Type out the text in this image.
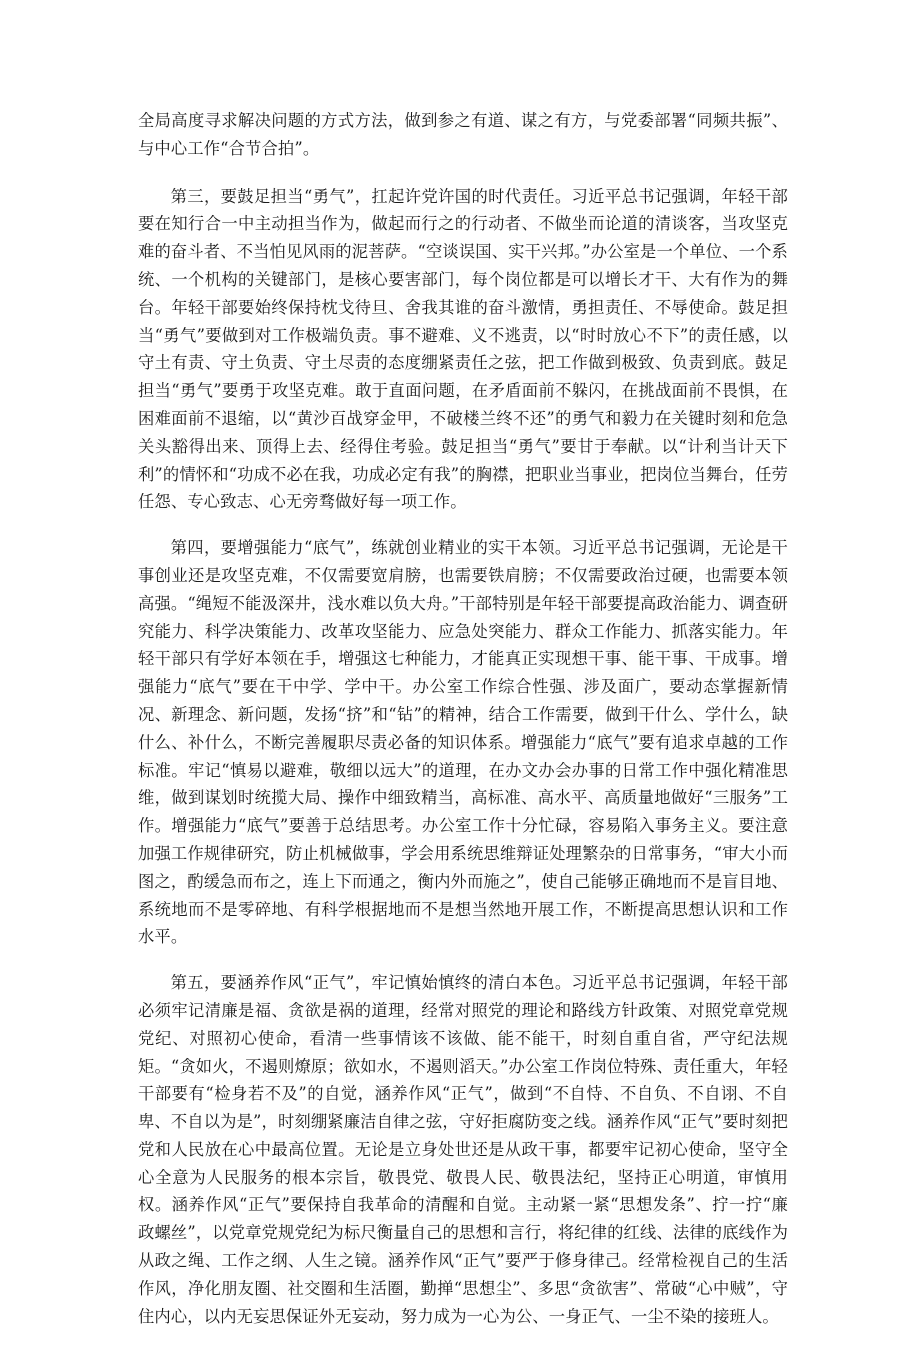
全局高度寻求解决问题的方式方法，做到参之有道、谋之有方，与党委部署“同频共振”、与中心工作“合节合拍”。

第三，要鼓足担当“勇气”，扛起许党许国的时代责任。习近平总书记强调，年轻干部要在知行合一中主动担当作为，做起而行之的行动者、不做坐而论道的清谈客，当攻坚克难的奋斗者、不当怕见风雨的泥菩萨。“空谈误国、实干兴邦。”办公室是一个单位、一个系统、一个机构的关键部门，是核心要害部门，每个岗位都是可以增长才干、大有作为的舞台。年轻干部要始终保持枕戈待旦、舍我其谁的奋斗激情，勇担责任、不辱使命。鼓足担当“勇气”要做到对工作极端负责。事不避难、义不逃责，以“时时放心不下”的责任感，以守土有责、守土负责、守土尽责的态度绷紧责任之弦，把工作做到极致、负责到底。鼓足担当“勇气”要勇于攻坚克难。敢于直面问题，在矛盾面前不躲闪，在挑战面前不畏惧，在困难面前不退缩，以“黄沙百战穿金甲，不破楼兰终不还”的勇气和毅力在关键时刻和危急关头豁得出来、顶得上去、经得住考验。鼓足担当“勇气”要甘于奉献。以“计利当计天下利”的情怀和“功成不必在我，功成必定有我”的胸襟，把职业当事业，把岗位当舞台，任劳任怨、专心致志、心无旁骛做好每一项工作。

第四，要增强能力“底气”，练就创业精业的实干本领。习近平总书记强调，无论是干事创业还是攻坚克难，不仅需要宽肩膀，也需要铁肩膀；不仅需要政治过硬，也需要本领高强。“绳短不能汲深井，浅水难以负大舟。”干部特别是年轻干部要提高政治能力、调查研究能力、科学决策能力、改革攻坚能力、应急处突能力、群众工作能力、抓落实能力。年轻干部只有学好本领在手，增强这七种能力，才能真正实现想干事、能干事、干成事。增强能力“底气”要在干中学、学中干。办公室工作综合性强、涉及面广，要动态掌握新情况、新理念、新问题，发扬“挤”和“钻”的精神，结合工作需要，做到干什么、学什么，缺什么、补什么，不断完善履职尽责必备的知识体系。增强能力“底气”要有追求卓越的工作标准。牢记“慎易以避难，敬细以远大”的道理，在办文办会办事的日常工作中强化精准思维，做到谋划时统揽大局、操作中细致精当，高标准、高水平、高质量地做好“三服务”工作。增强能力“底气”要善于总结思考。办公室工作十分忙碌，容易陷入事务主义。要注意加强工作规律研究，防止机械做事，学会用系统思维辩证处理繁杂的日常事务，“审大小而图之，酌缓急而布之，连上下而通之，衡内外而施之”，使自己能够正确地而不是盲目地、系统地而不是零碎地、有科学根据地而不是想当然地开展工作，不断提高思想认识和工作水平。

第五，要涵养作风“正气”，牢记慎始慎终的清白本色。习近平总书记强调，年轻干部必须牢记清廉是福、贪欲是祸的道理，经常对照党的理论和路线方针政策、对照党章党规党纪、对照初心使命，看清一些事情该不该做、能不能干，时刻自重自省，严守纪法规矩。“贪如火，不遏则燎原；欲如水，不遏则滔天。”办公室工作岗位特殊、责任重大，年轻干部要有“检身若不及”的自觉，涵养作风“正气”，做到“不自恃、不自负、不自诩、不自卑、不自以为是”，时刻绷紧廉洁自律之弦，守好拒腐防变之线。涵养作风“正气”要时刻把党和人民放在心中最高位置。无论是立身处世还是从政干事，都要牢记初心使命，坚守全心全意为人民服务的根本宗旨，敬畏党、敬畏人民、敬畏法纪，坚持正心明道，审慎用权。涵养作风“正气”要保持自我革命的清醒和自觉。主动紧一紧“思想发条”、拧一拧“廉政螺丝”，以党章党规党纪为标尺衡量自己的思想和言行，将纪律的红线、法律的底线作为从政之绳、工作之纲、人生之镜。涵养作风“正气”要严于修身律己。经常检视自己的生活作风，净化朋友圈、社交圈和生活圈，勤掸“思想尘”、多思“贪欲害”、常破“心中贼”，守住内心，以内无妄思保证外无妄动，努力成为一心为公、一身正气、一尘不染的接班人。
